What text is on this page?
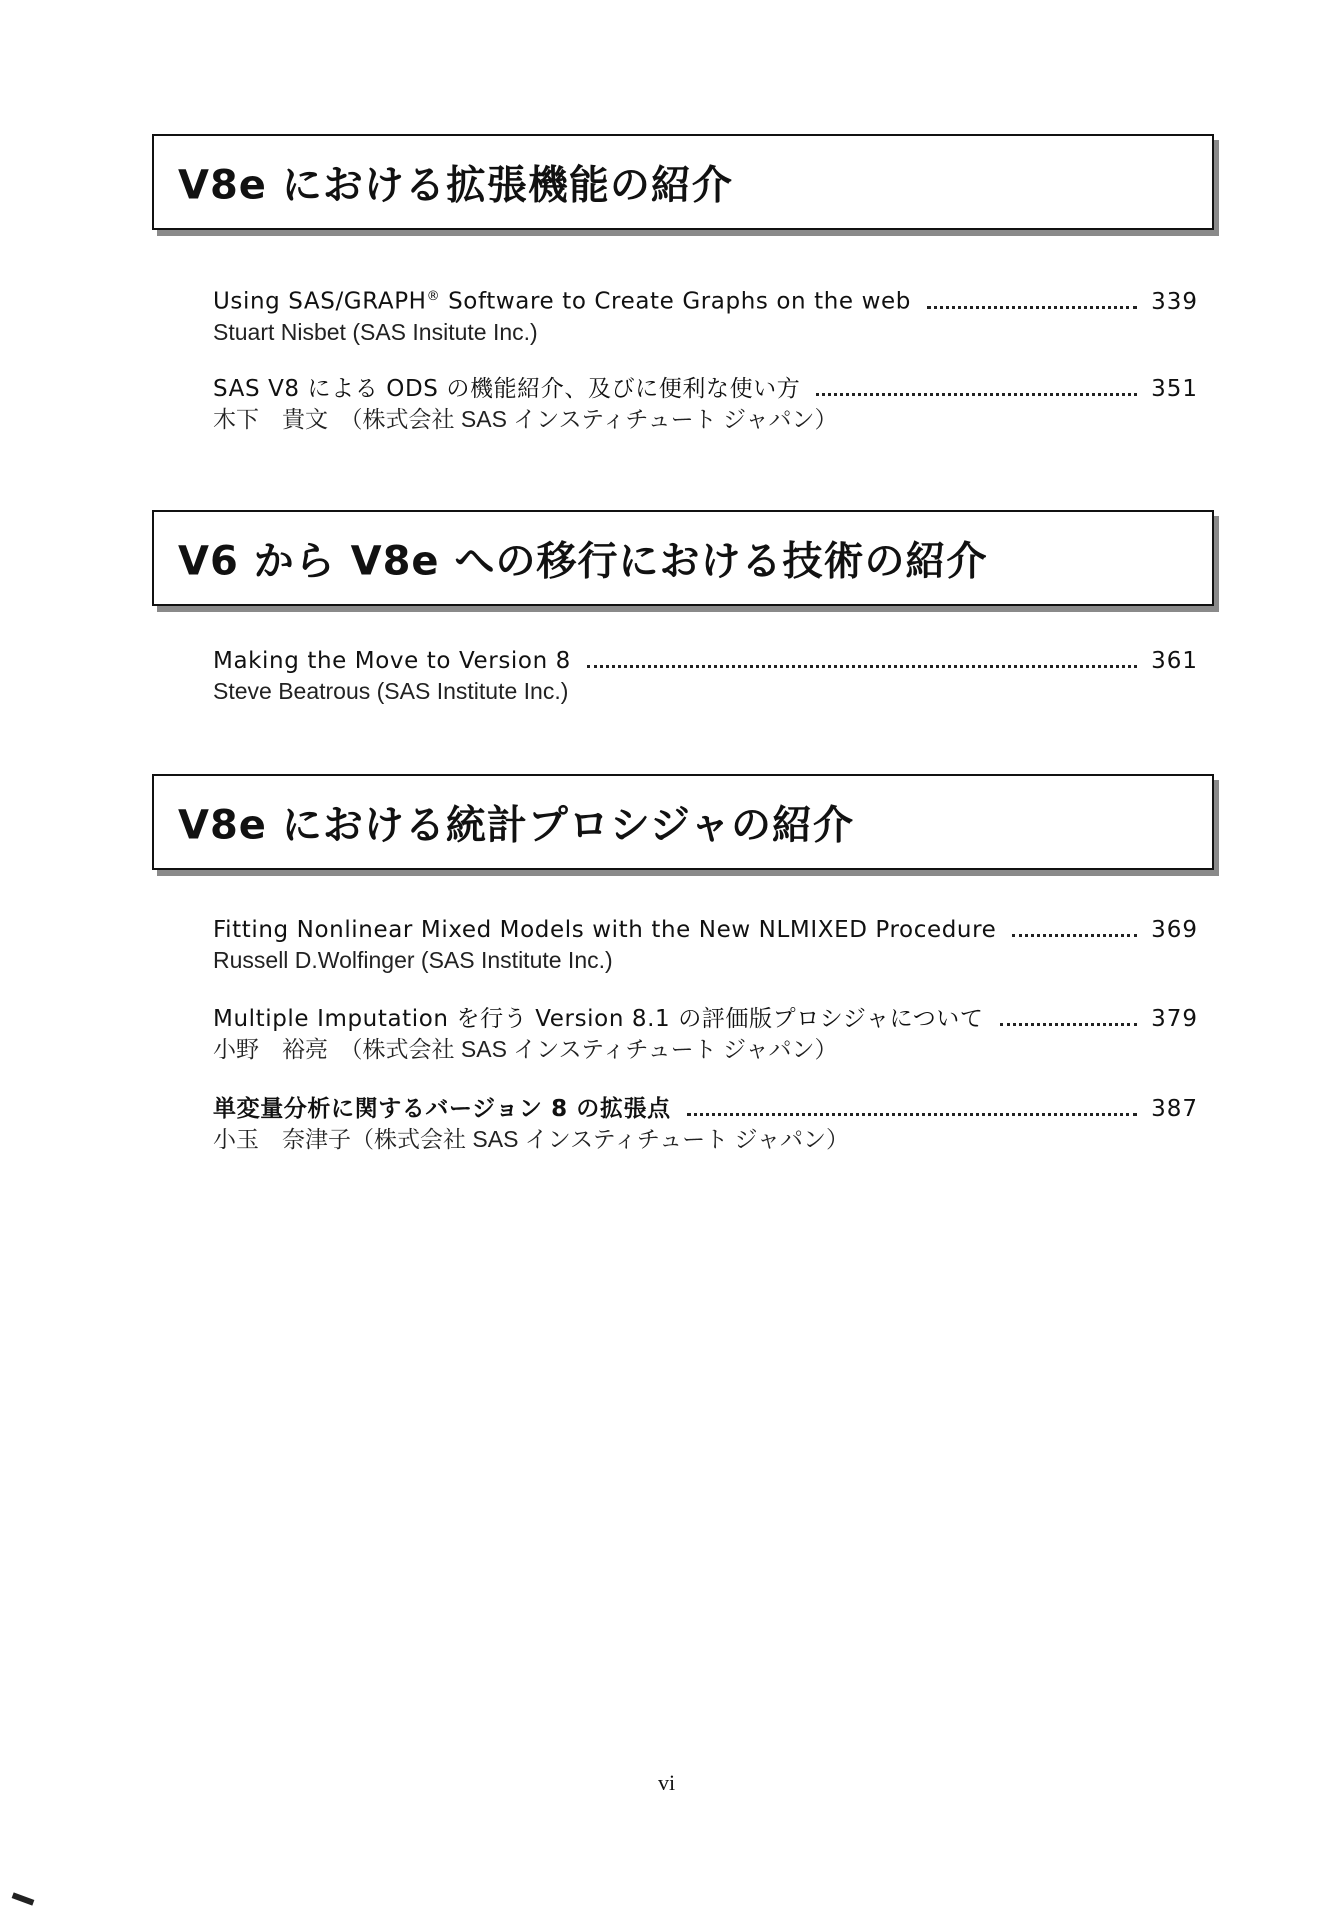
V8e における拡張機能の紹介
Using SAS/GRAPH® Software to Create Graphs on the web	339
Stuart Nisbet (SAS Insitute Inc.)
SAS V8 による ODS の機能紹介、及びに便利な使い方	351
木下　貴文　（株式会社 SAS インスティチュート ジャパン）
V6 から V8e への移行における技術の紹介
Making the Move to Version 8	361
Steve Beatrous (SAS Institute Inc.)
V8e における統計プロシジャの紹介
Fitting Nonlinear Mixed Models with the New NLMIXED Procedure	369
Russell D.Wolfinger (SAS Institute Inc.)
Multiple Imputation を行う Version 8.1 の評価版プロシジャについて	379
小野　裕亮　（株式会社 SAS インスティチュート ジャパン）
単変量分析に関するバージョン 8 の拡張点	387
小玉　奈津子（株式会社 SAS インスティチュート ジャパン）
vi
